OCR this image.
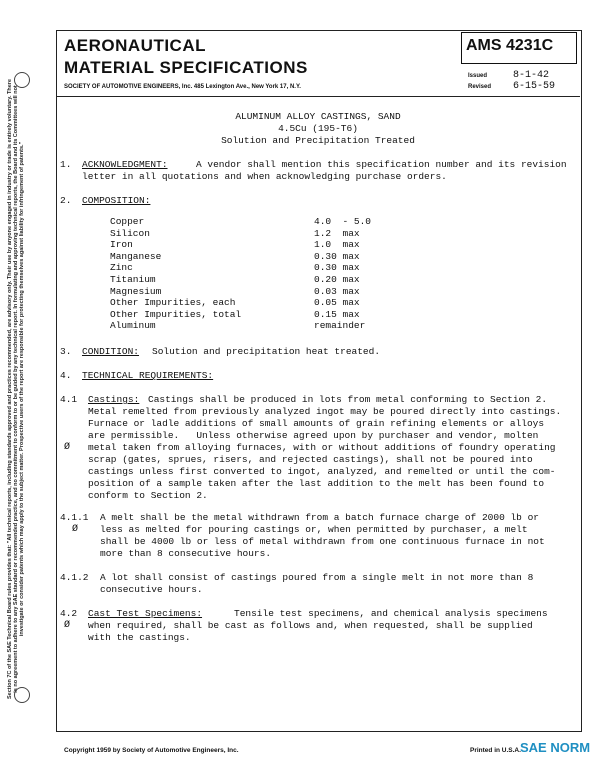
Section 7C of the SAE Technical Board rules provides that: "All technical reports, including standards approved and practices recommended, are advisory only. Their use by anyone engaged in industry or trade is entirely voluntary. There is no agreement to adhere to any SAE standard or recommended practice, and no commitment to conform to or be guided by any technical report. In formulating and approving technical reports, the Board and its Committees will not investigate or consider patents which may apply to the subject matter. Prospective users of the report are responsible for protecting themselves against liability for infringement of patents."
AERONAUTICAL
MATERIAL SPECIFICATIONS
SOCIETY OF AUTOMOTIVE ENGINEERS, Inc. 485 Lexington Ave., New York 17, N.Y.
AMS 4231C
Issued	8-1-42
Revised 6-15-59
ALUMINUM ALLOY CASTINGS, SAND
4.5Cu (195-T6)
Solution and Precipitation Treated
1. ACKNOWLEDGMENT:	A vendor shall mention this specification number and its revision
letter in all quotations and when acknowledging purchase orders.
2. COMPOSITION:
Copper	4.0  - 5.0
Silicon	1.2  max
Iron	1.0  max
Manganese	0.30 max
Zinc	0.30 max
Titanium	0.20 max
Magnesium	0.03 max
Other Impurities, each	0.05 max
Other Impurities, total	0.15 max
Aluminum	remainder
3. CONDITION: Solution and precipitation heat treated.
4. TECHNICAL REQUIREMENTS:
4.1 Castings: Castings shall be produced in lots from metal conforming to Section 2.
Metal remelted from previously analyzed ingot may be poured directly into castings.
Furnace or ladle additions of small amounts of grain refining elements or alloys
are permissible.   Unless otherwise agreed upon by purchaser and vendor, molten
Ø metal taken from alloying furnaces, with or without additions of foundry operating
scrap (gates, sprues, risers, and rejected castings), shall not be poured into
castings unless first converted to ingot, analyzed, and remelted or until the com-
position of a sample taken after the last addition to the melt has been found to
conform to Section 2.
4.1.1 A melt shall be the metal withdrawn from a batch furnace charge of 2000 lb or
Ø less as melted for pouring castings or, when permitted by purchaser, a melt
shall be 4000 lb or less of metal withdrawn from one continuous furnace in not
more than 8 consecutive hours.
4.1.2 A lot shall consist of castings poured from a single melt in not more than 8
consecutive hours.
4.2 Cast Test Specimens:	Tensile test specimens, and chemical analysis specimens
Ø when required, shall be cast as follows and, when requested, shall be supplied
with the castings.
Copyright 1959 by Society of Automotive Engineers, Inc.	Printed in U.S.A. SAE NORM
